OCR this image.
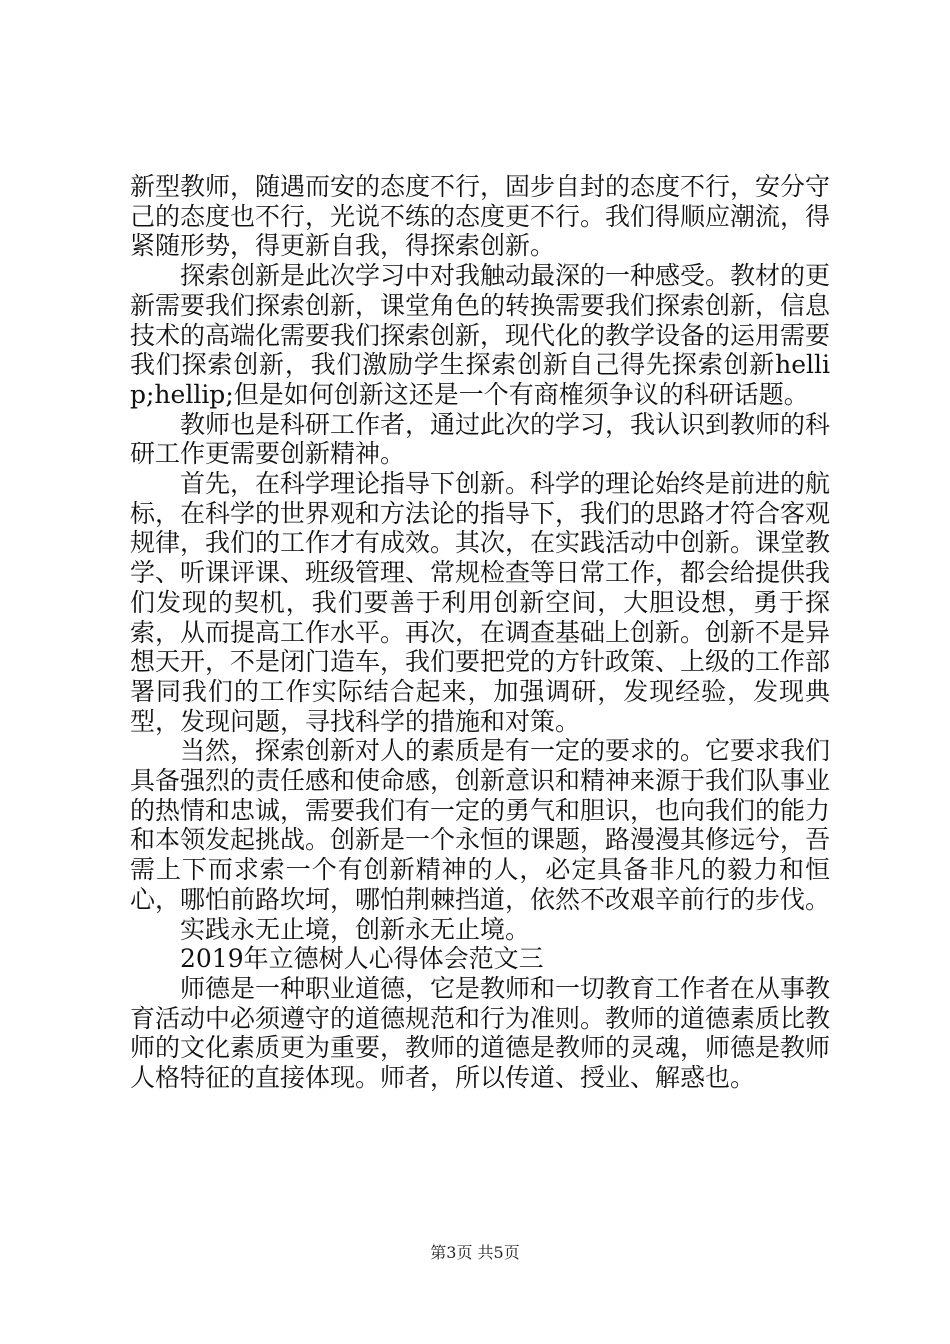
新型教师，随遇而安的态度不行，固步自封的态度不行，安分守己的态度也不行，光说不练的态度更不行。我们得顺应潮流，得紧随形势，得更新自我，得探索创新。

探索创新是此次学习中对我触动最深的一种感受。教材的更新需要我们探索创新，课堂角色的转换需要我们探索创新，信息技术的高端化需要我们探索创新，现代化的教学设备的运用需要我们探索创新，我们激励学生探索创新自己得先探索创新hellip;hellip;但是如何创新这还是一个有商榷须争议的科研话题。

教师也是科研工作者，通过此次的学习，我认识到教师的科研工作更需要创新精神。

首先，在科学理论指导下创新。科学的理论始终是前进的航标，在科学的世界观和方法论的指导下，我们的思路才符合客观规律，我们的工作才有成效。其次，在实践活动中创新。课堂教学、听课评课、班级管理、常规检查等日常工作，都会给提供我们发现的契机，我们要善于利用创新空间，大胆设想，勇于探索，从而提高工作水平。再次，在调查基础上创新。创新不是异想天开，不是闭门造车，我们要把党的方针政策、上级的工作部署同我们的工作实际结合起来，加强调研，发现经验，发现典型，发现问题，寻找科学的措施和对策。

当然，探索创新对人的素质是有一定的要求的。它要求我们具备强烈的责任感和使命感，创新意识和精神来源于我们队事业的热情和忠诚，需要我们有一定的勇气和胆识，也向我们的能力和本领发起挑战。创新是一个永恒的课题，路漫漫其修远兮，吾需上下而求索一个有创新精神的人，必定具备非凡的毅力和恒心，哪怕前路坎坷，哪怕荆棘挡道，依然不改艰辛前行的步伐。

实践永无止境，创新永无止境。

2019年立德树人心得体会范文三

师德是一种职业道德，它是教师和一切教育工作者在从事教育活动中必须遵守的道德规范和行为准则。教师的道德素质比教师的文化素质更为重要，教师的道德是教师的灵魂，师德是教师人格特征的直接体现。师者，所以传道、授业、解惑也。

第3页 共5页
